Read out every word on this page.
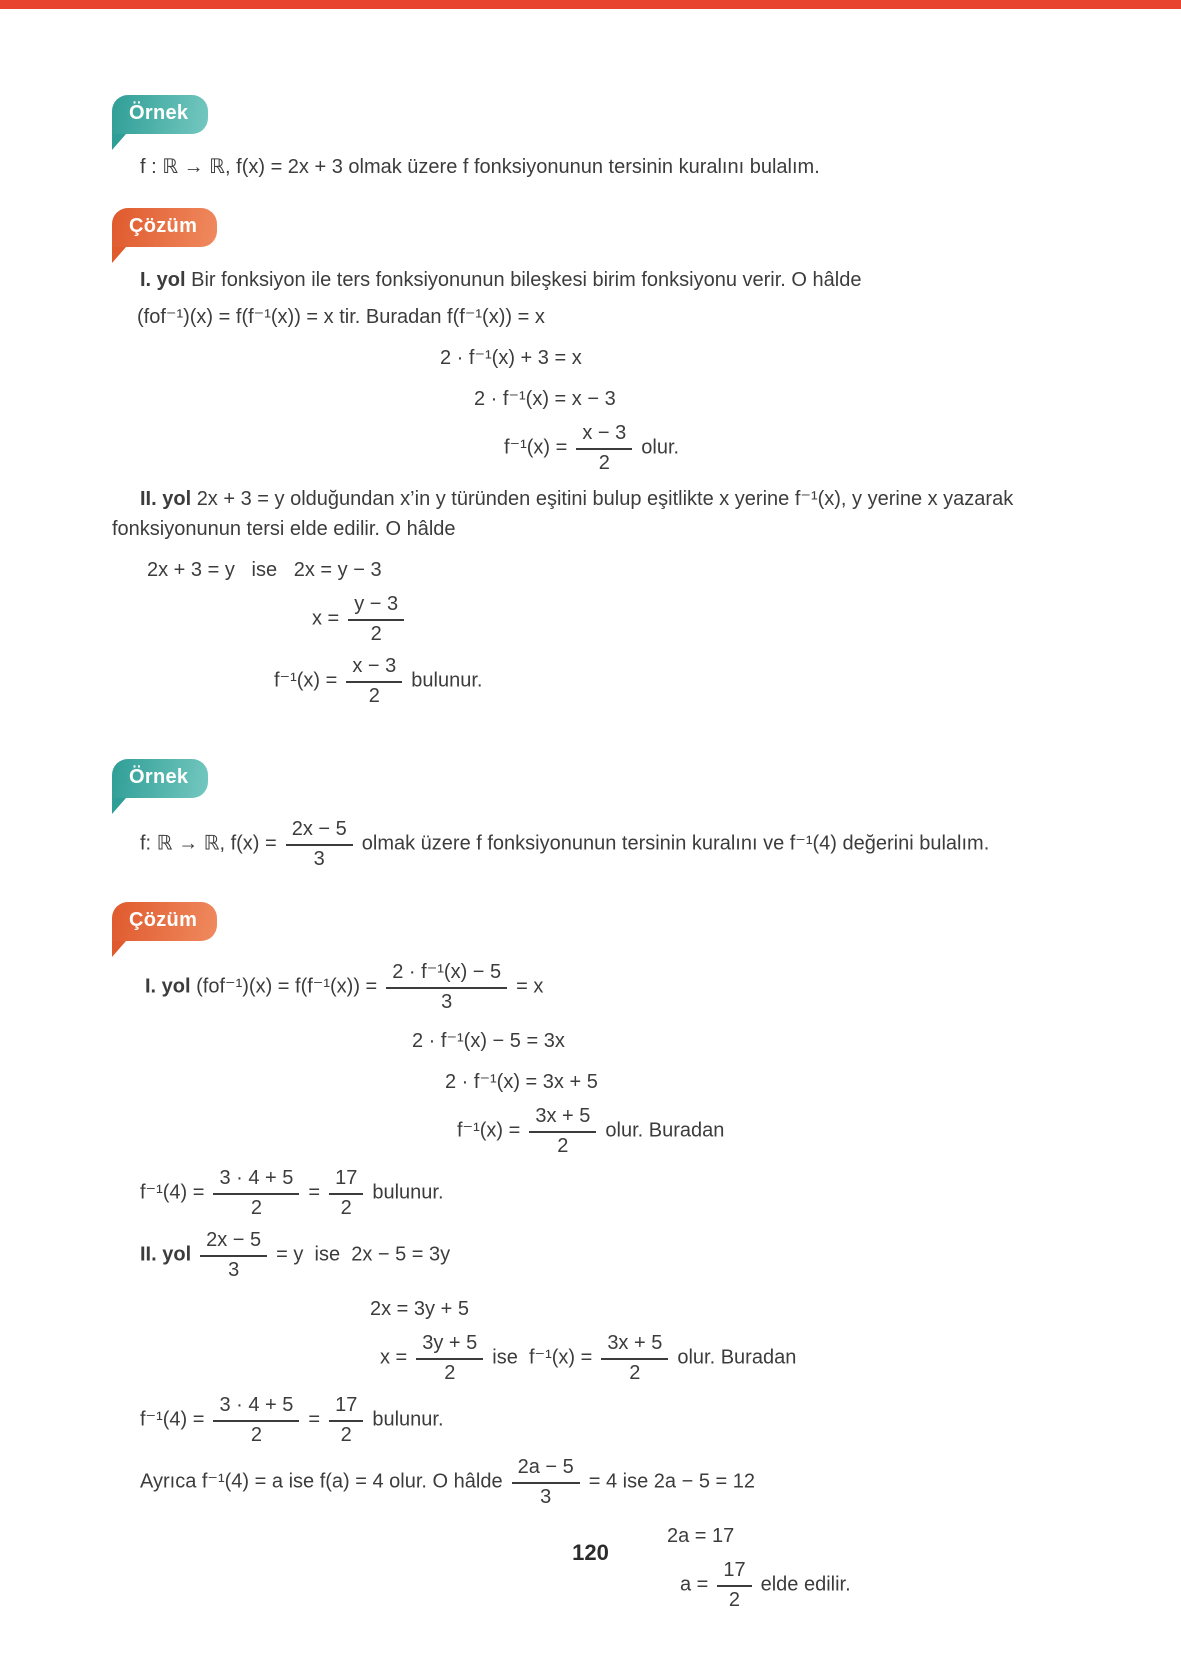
Örnek
f : ℝ → ℝ, f(x) = 2x + 3 olmak üzere f fonksiyonunun tersinin kuralını bulalım.
Çözüm
I. yol Bir fonksiyon ile ters fonksiyonunun bileşkesi birim fonksiyonu verir. O hâlde
(fof⁻¹)(x) = f(f⁻¹(x)) = x tir. Buradan f(f⁻¹(x)) = x
2 · f⁻¹(x) + 3 = x
2 · f⁻¹(x) = x − 3
$f^{-1}(x) = \frac{x - 3}{2}$ olur.
II. yol 2x + 3 = y olduğundan x’in y türünden eşitini bulup eşitlikte x yerine f⁻¹(x), y yerine x yazarak fonksiyonunun tersi elde edilir. O hâlde
2x + 3 = y   ise   2x = y − 3
$x = \frac{y - 3}{2}$
$f^{-1}(x) = \frac{x - 3}{2}$ bulunur.
Örnek
f: ℝ → ℝ, $f(x) = \frac{2x - 5}{3}$ olmak üzere f fonksiyonunun tersinin kuralını ve f⁻¹(4) değerini bulalım.
Çözüm
I. yol $(fof^{-1})(x) = f(f^{-1}(x)) = \frac{\text{2 · f⁻¹(x) − 5}}{3} = x$
2 · f⁻¹(x) − 5 = 3x
2 · f⁻¹(x) = 3x + 5
$f^{-1}(x) = \frac{3x + 5}{2}$ olur. Buradan
$f^{-1}(4) = \frac{3 \cdot 4 + 5}{2} = \frac{17}{2}$ bulunur.
II. yol $\frac{2x - 5}{3} = y$  ise  2x − 5 = 3y
2x = 3y + 5
$x = \frac{3y + 5}{2}$ ise  $f^{-1}(x) = \frac{3x + 5}{2}$ olur. Buradan
$f^{-1}(4) = \frac{3 \cdot 4 + 5}{2} = \frac{17}{2}$ bulunur.
Ayrıca f⁻¹(4) = a ise f(a) = 4 olur. O hâlde $\frac{2a - 5}{3} = 4$ ise 2a − 5 = 12
2a = 17
$a = \frac{17}{2}$ elde edilir.
120
